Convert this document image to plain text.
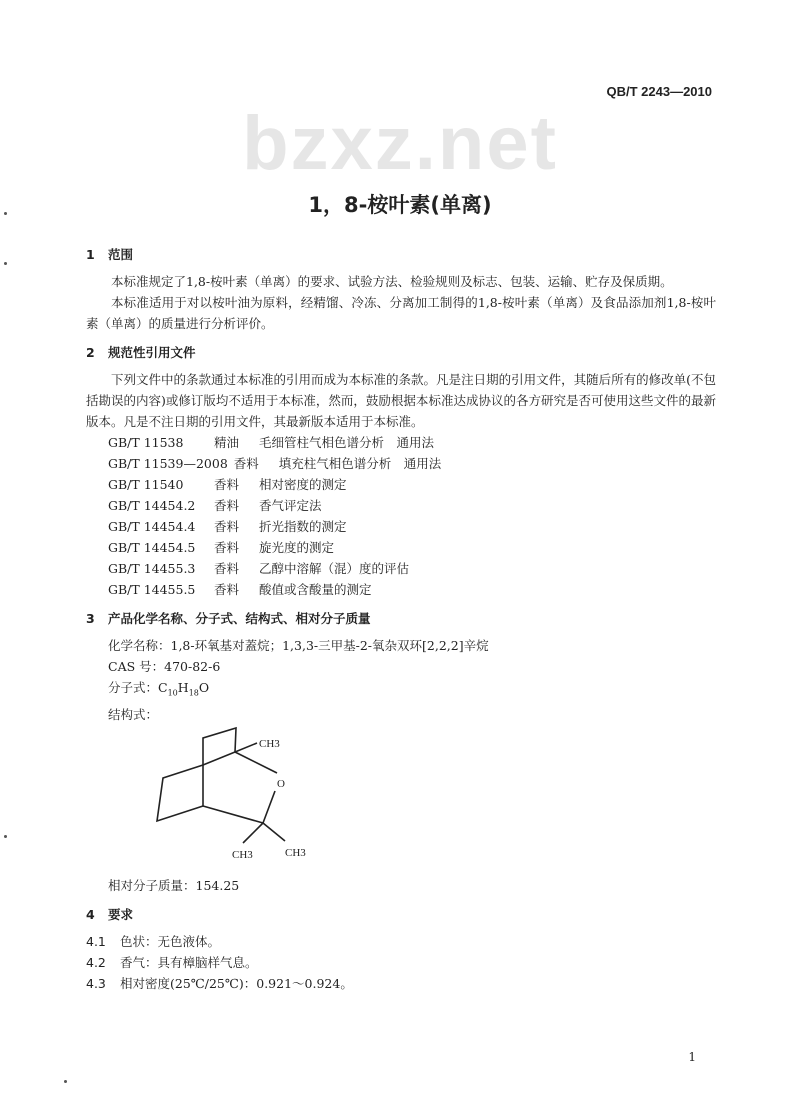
bzxz.net
QB/T 2243—2010
1，8-桉叶素(单离)
1 范围
本标准规定了1,8-桉叶素（单离）的要求、试验方法、检验规则及标志、包装、运输、贮存及保质期。
本标准适用于对以桉叶油为原料，经精馏、冷冻、分离加工制得的1,8-桉叶素（单离）及食品添加剂1,8-桉叶素（单离）的质量进行分析评价。
2 规范性引用文件
下列文件中的条款通过本标准的引用而成为本标准的条款。凡是注日期的引用文件，其随后所有的修改单(不包括勘误的内容)或修订版均不适用于本标准，然而，鼓励根据本标准达成协议的各方研究是否可使用这些文件的最新版本。凡是不注日期的引用文件，其最新版本适用于本标准。
GB/T 11538 精油 毛细管柱气相色谱分析　通用法
GB/T 11539—2008 香料 填充柱气相色谱分析　通用法
GB/T 11540 香料 相对密度的测定
GB/T 14454.2 香料 香气评定法
GB/T 14454.4 香料 折光指数的测定
GB/T 14454.5 香料 旋光度的测定
GB/T 14455.3 香料 乙醇中溶解（混）度的评估
GB/T 14455.5 香料 酸值或含酸量的测定
3 产品化学名称、分子式、结构式、相对分子质量
化学名称：1,8-环氧基对蓋烷；1,3,3-三甲基-2-氧杂双环[2,2,2]辛烷
CAS 号：470-82-6
分子式：$C_{10}H_{18}O$
结构式：
CH3
O
CH3	CH3
相对分子质量：154.25
4 要求
4.1 色状：无色液体。
4.2 香气：具有樟脑样气息。
4.3 相对密度(25℃/25℃)：0.921～0.924。
1
